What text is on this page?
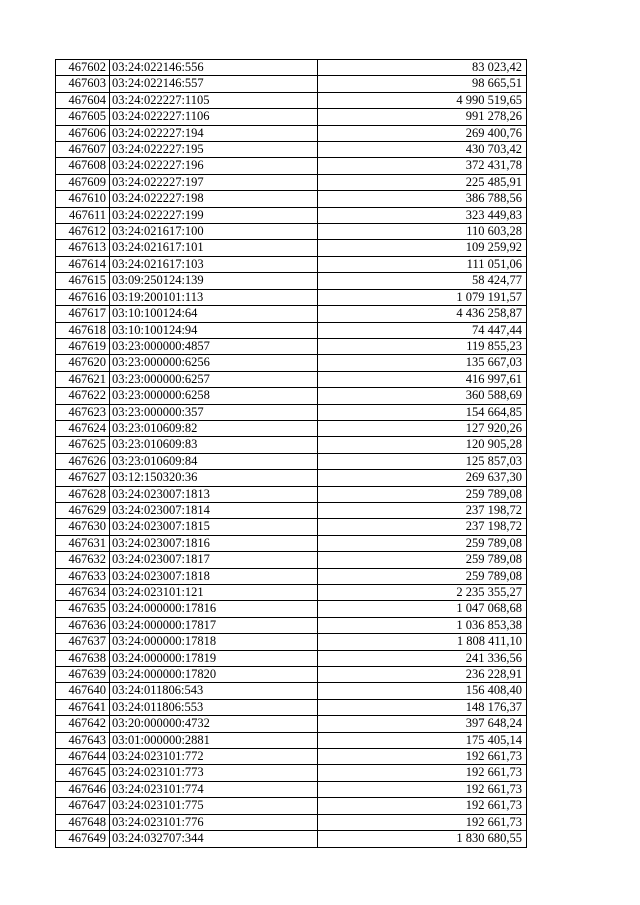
467602	03:24:022146:556	83 023,42
467603	03:24:022146:557	98 665,51
467604	03:24:022227:1105	4 990 519,65
467605	03:24:022227:1106	991 278,26
467606	03:24:022227:194	269 400,76
467607	03:24:022227:195	430 703,42
467608	03:24:022227:196	372 431,78
467609	03:24:022227:197	225 485,91
467610	03:24:022227:198	386 788,56
467611	03:24:022227:199	323 449,83
467612	03:24:021617:100	110 603,28
467613	03:24:021617:101	109 259,92
467614	03:24:021617:103	111 051,06
467615	03:09:250124:139	58 424,77
467616	03:19:200101:113	1 079 191,57
467617	03:10:100124:64	4 436 258,87
467618	03:10:100124:94	74 447,44
467619	03:23:000000:4857	119 855,23
467620	03:23:000000:6256	135 667,03
467621	03:23:000000:6257	416 997,61
467622	03:23:000000:6258	360 588,69
467623	03:23:000000:357	154 664,85
467624	03:23:010609:82	127 920,26
467625	03:23:010609:83	120 905,28
467626	03:23:010609:84	125 857,03
467627	03:12:150320:36	269 637,30
467628	03:24:023007:1813	259 789,08
467629	03:24:023007:1814	237 198,72
467630	03:24:023007:1815	237 198,72
467631	03:24:023007:1816	259 789,08
467632	03:24:023007:1817	259 789,08
467633	03:24:023007:1818	259 789,08
467634	03:24:023101:121	2 235 355,27
467635	03:24:000000:17816	1 047 068,68
467636	03:24:000000:17817	1 036 853,38
467637	03:24:000000:17818	1 808 411,10
467638	03:24:000000:17819	241 336,56
467639	03:24:000000:17820	236 228,91
467640	03:24:011806:543	156 408,40
467641	03:24:011806:553	148 176,37
467642	03:20:000000:4732	397 648,24
467643	03:01:000000:2881	175 405,14
467644	03:24:023101:772	192 661,73
467645	03:24:023101:773	192 661,73
467646	03:24:023101:774	192 661,73
467647	03:24:023101:775	192 661,73
467648	03:24:023101:776	192 661,73
467649	03:24:032707:344	1 830 680,55
